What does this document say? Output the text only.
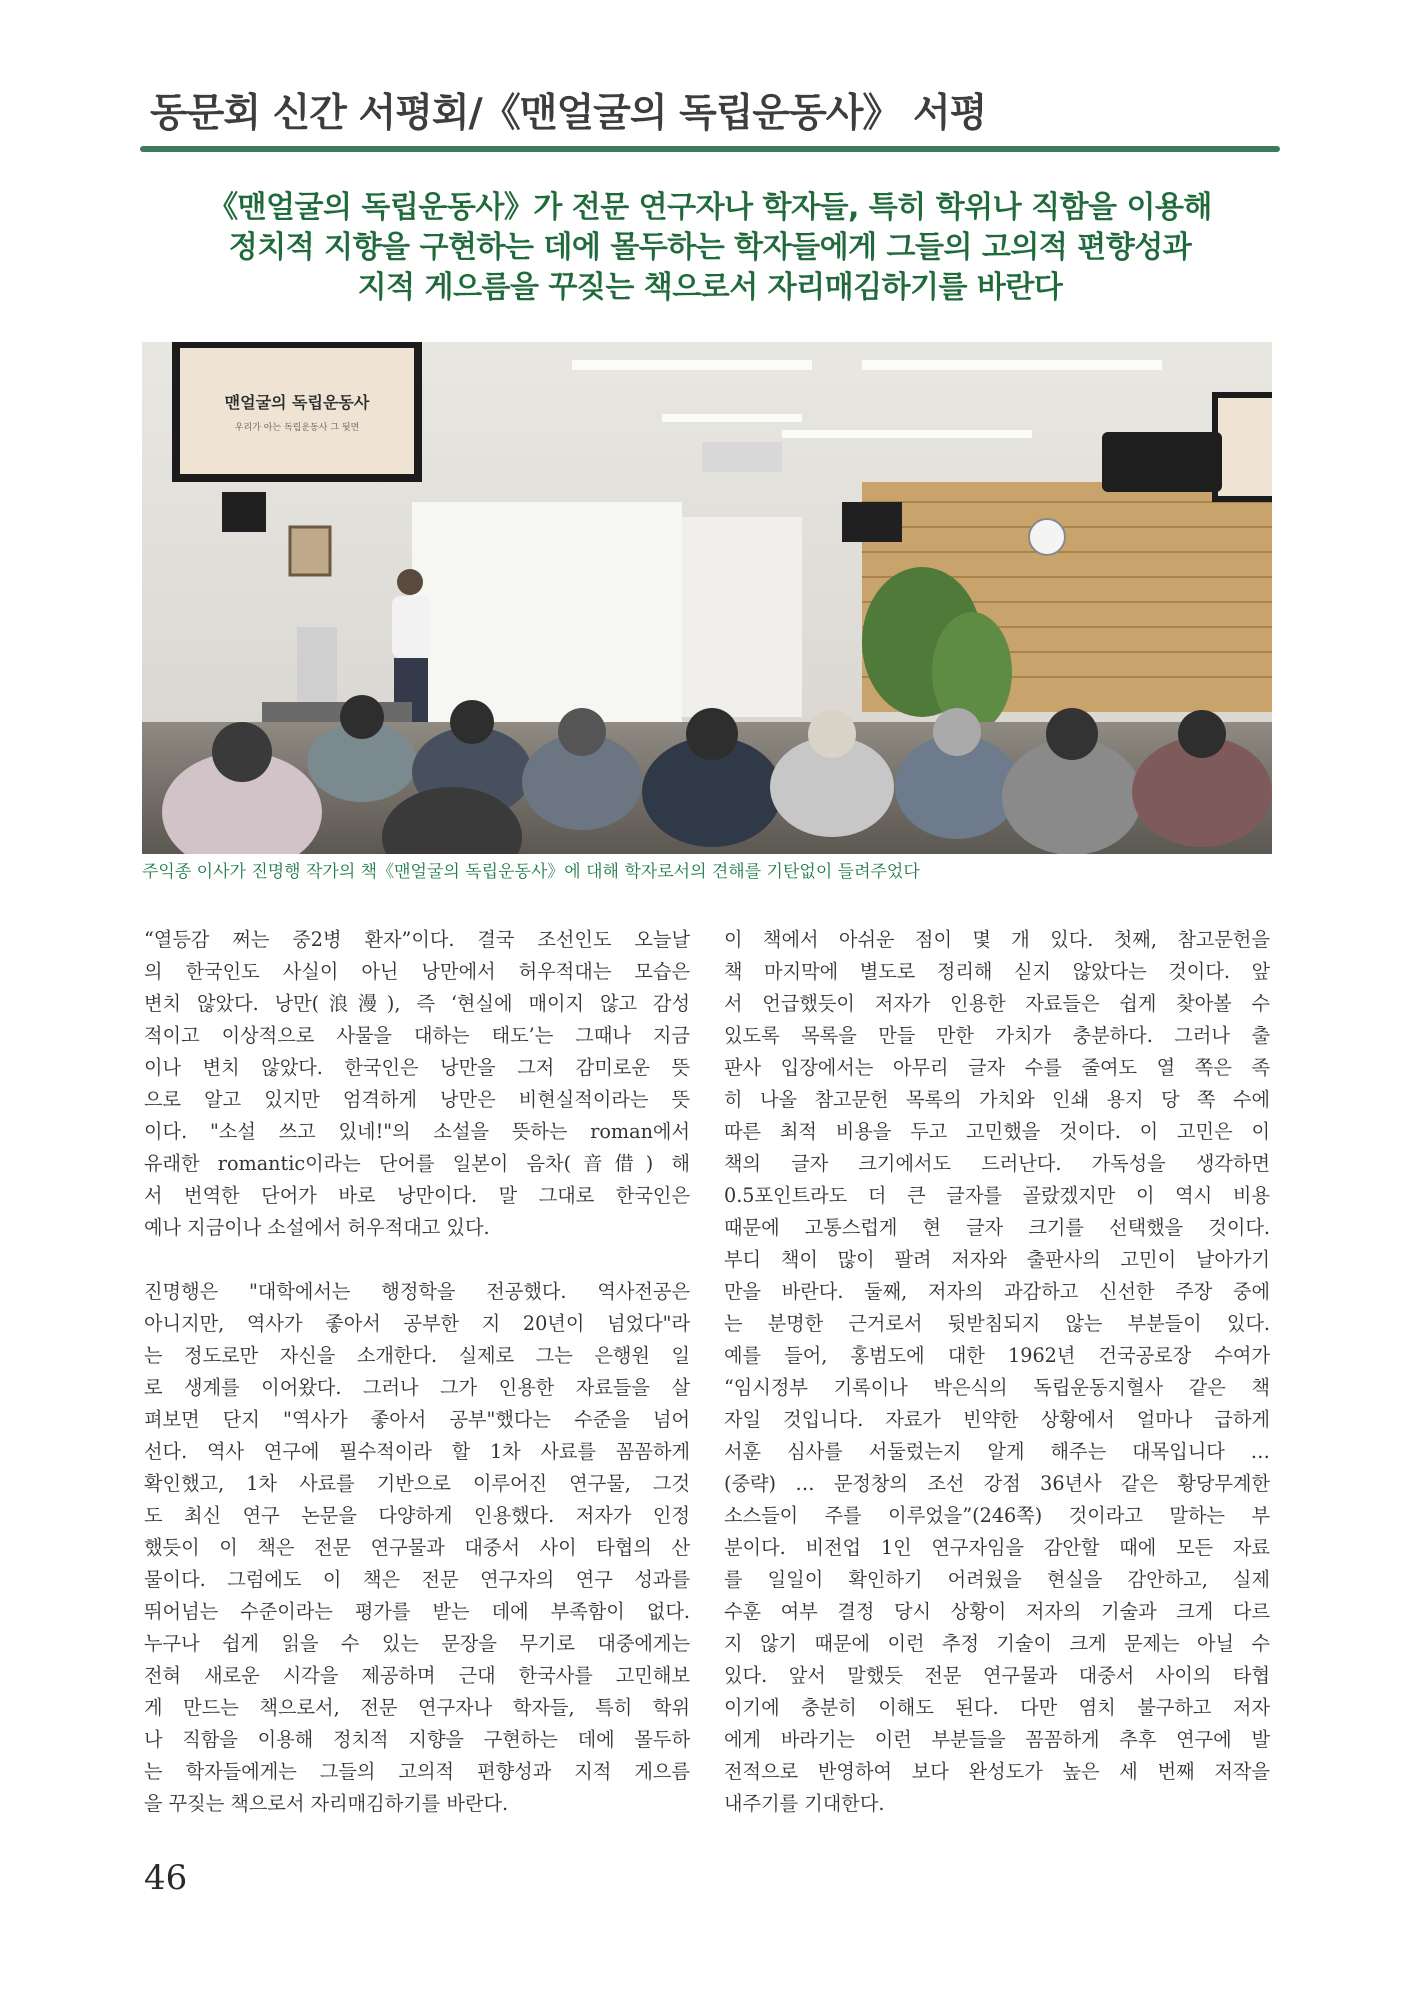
동문회 신간 서평회/《맨얼굴의 독립운동사》 서평
《맨얼굴의 독립운동사》가 전문 연구자나 학자들, 특히 학위나 직함을 이용해
정치적 지향을 구현하는 데에 몰두하는 학자들에게 그들의 고의적 편향성과
지적 게으름을 꾸짖는 책으로서 자리매김하기를 바란다
맨얼굴의 독립운동사
우리가 아는 독립운동사 그 뒷면
주익종 이사가 진명행 작가의 책《맨얼굴의 독립운동사》에 대해 학자로서의 견해를 기탄없이 들려주었다

“열등감 쩌는 중2병 환자”이다. 결국 조선인도 오늘날
의 한국인도 사실이 아닌 낭만에서 허우적대는 모습은
변치 않았다. 낭만(浪漫), 즉 ‘현실에 매이지 않고 감성
적이고 이상적으로 사물을 대하는 태도’는 그때나 지금
이나 변치 않았다. 한국인은 낭만을 그저 감미로운 뜻
으로 알고 있지만 엄격하게 낭만은 비현실적이라는 뜻
이다. "소설 쓰고 있네!"의 소설을 뜻하는 roman에서
유래한 romantic이라는 단어를 일본이 음차(音借) 해
서 번역한 단어가 바로 낭만이다. 말 그대로 한국인은
예나 지금이나 소설에서 허우적대고 있다.

진명행은 "대학에서는 행정학을 전공했다. 역사전공은
아니지만, 역사가 좋아서 공부한 지 20년이 넘었다"라
는 정도로만 자신을 소개한다. 실제로 그는 은행원 일
로 생계를 이어왔다. 그러나 그가 인용한 자료들을 살
펴보면 단지 "역사가 좋아서 공부"했다는 수준을 넘어
선다. 역사 연구에 필수적이라 할 1차 사료를 꼼꼼하게
확인했고, 1차 사료를 기반으로 이루어진 연구물, 그것
도 최신 연구 논문을 다양하게 인용했다. 저자가 인정
했듯이 이 책은 전문 연구물과 대중서 사이 타협의 산
물이다. 그럼에도 이 책은 전문 연구자의 연구 성과를
뛰어넘는 수준이라는 평가를 받는 데에 부족함이 없다.
누구나 쉽게 읽을 수 있는 문장을 무기로 대중에게는
전혀 새로운 시각을 제공하며 근대 한국사를 고민해보
게 만드는 책으로서, 전문 연구자나 학자들, 특히 학위
나 직함을 이용해 정치적 지향을 구현하는 데에 몰두하
는 학자들에게는 그들의 고의적 편향성과 지적 게으름
을 꾸짖는 책으로서 자리매김하기를 바란다.

이 책에서 아쉬운 점이 몇 개 있다. 첫째, 참고문헌을
책 마지막에 별도로 정리해 싣지 않았다는 것이다. 앞
서 언급했듯이 저자가 인용한 자료들은 쉽게 찾아볼 수
있도록 목록을 만들 만한 가치가 충분하다. 그러나 출
판사 입장에서는 아무리 글자 수를 줄여도 열 쪽은 족
히 나올 참고문헌 목록의 가치와 인쇄 용지 당 쪽 수에
따른 최적 비용을 두고 고민했을 것이다. 이 고민은 이
책의 글자 크기에서도 드러난다. 가독성을 생각하면
0.5포인트라도 더 큰 글자를 골랐겠지만 이 역시 비용
때문에 고통스럽게 현 글자 크기를 선택했을 것이다.
부디 책이 많이 팔려 저자와 출판사의 고민이 날아가기
만을 바란다. 둘째, 저자의 과감하고 신선한 주장 중에
는 분명한 근거로서 뒷받침되지 않는 부분들이 있다.
예를 들어, 홍범도에 대한 1962년 건국공로장 수여가
“임시정부 기록이나 박은식의 독립운동지혈사 같은 책
자일 것입니다. 자료가 빈약한 상황에서 얼마나 급하게
서훈 심사를 서둘렀는지 알게 해주는 대목입니다 …
(중략) … 문정창의 조선 강점 36년사 같은 황당무계한
소스들이 주를 이루었을”(246쪽) 것이라고 말하는 부
분이다. 비전업 1인 연구자임을 감안할 때에 모든 자료
를 일일이 확인하기 어려웠을 현실을 감안하고, 실제
수훈 여부 결정 당시 상황이 저자의 기술과 크게 다르
지 않기 때문에 이런 추정 기술이 크게 문제는 아닐 수
있다. 앞서 말했듯 전문 연구물과 대중서 사이의 타협
이기에 충분히 이해도 된다. 다만 염치 불구하고 저자
에게 바라기는 이런 부분들을 꼼꼼하게 추후 연구에 발
전적으로 반영하여 보다 완성도가 높은 세 번째 저작을
내주기를 기대한다.

46
